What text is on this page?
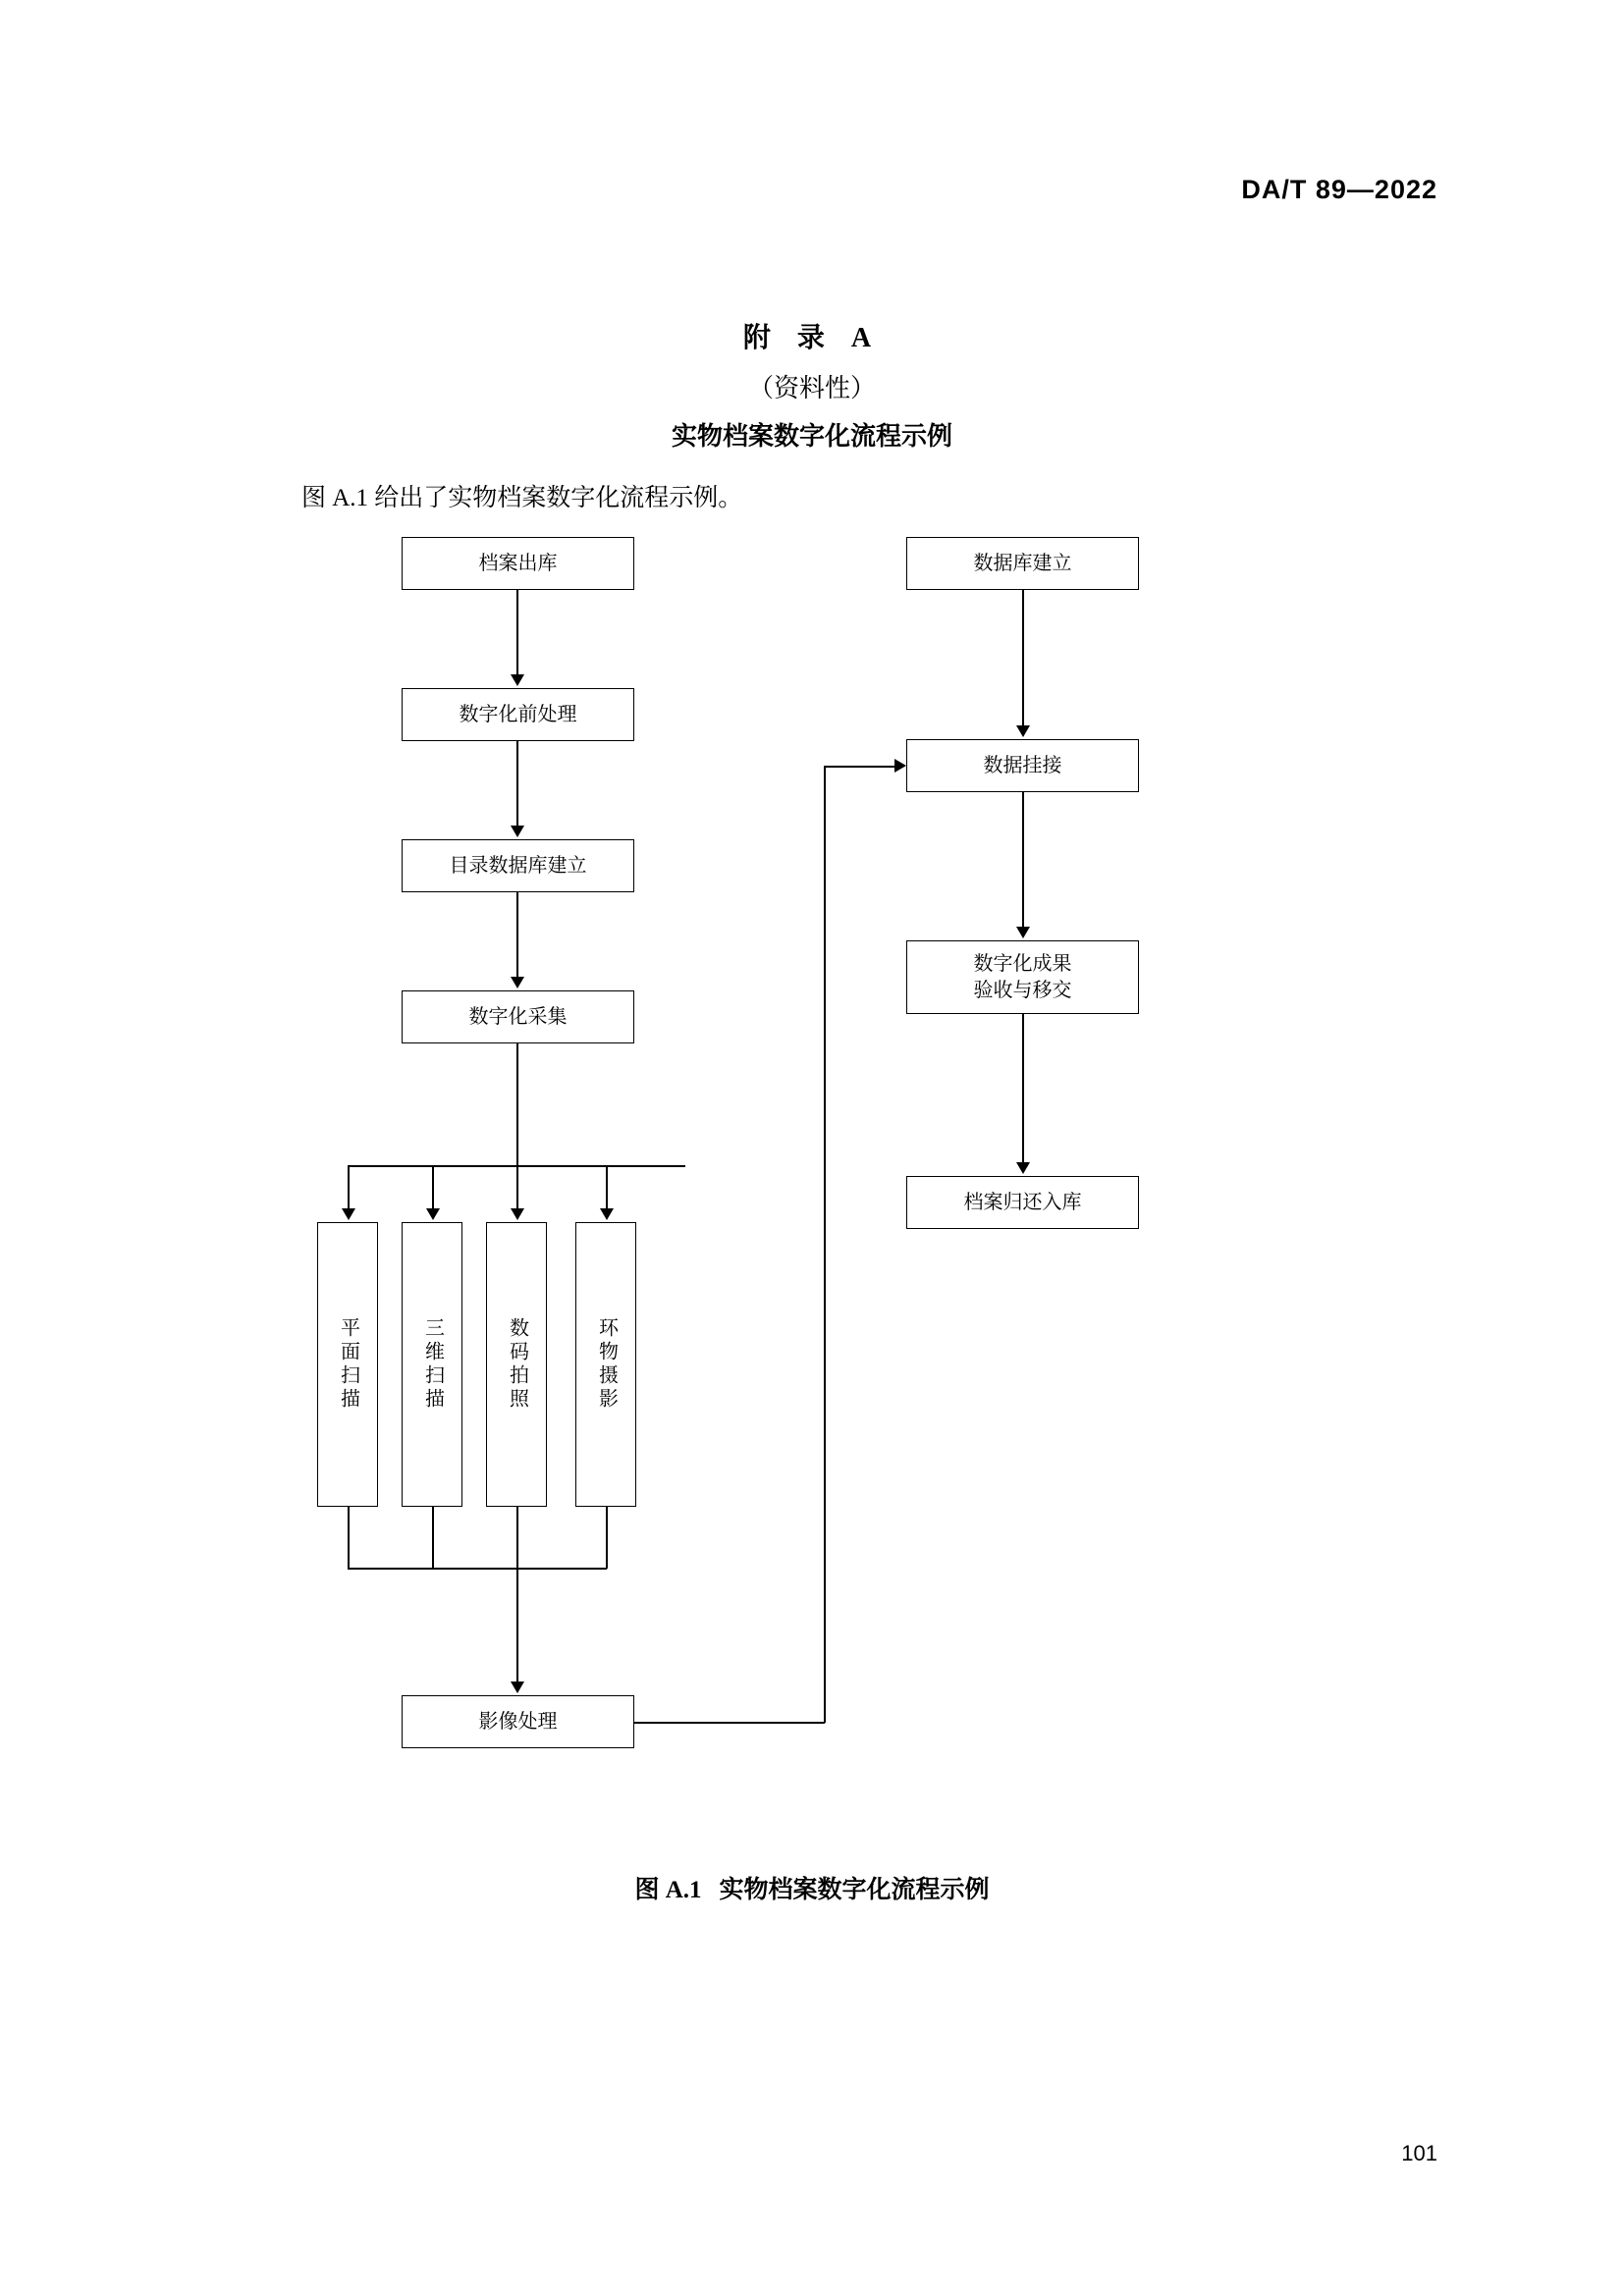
DA/T 89—2022
附 录 A
（资料性）
实物档案数字化流程示例
图 A.1 给出了实物档案数字化流程示例。
档案出库
数字化前处理
目录数据库建立
数字化采集
平面扫描	三维扫描	数码拍照	环物摄影
影像处理
数据库建立
数据挂接
数字化成果
验收与移交
档案归还入库
图 A.1 实物档案数字化流程示例
101
